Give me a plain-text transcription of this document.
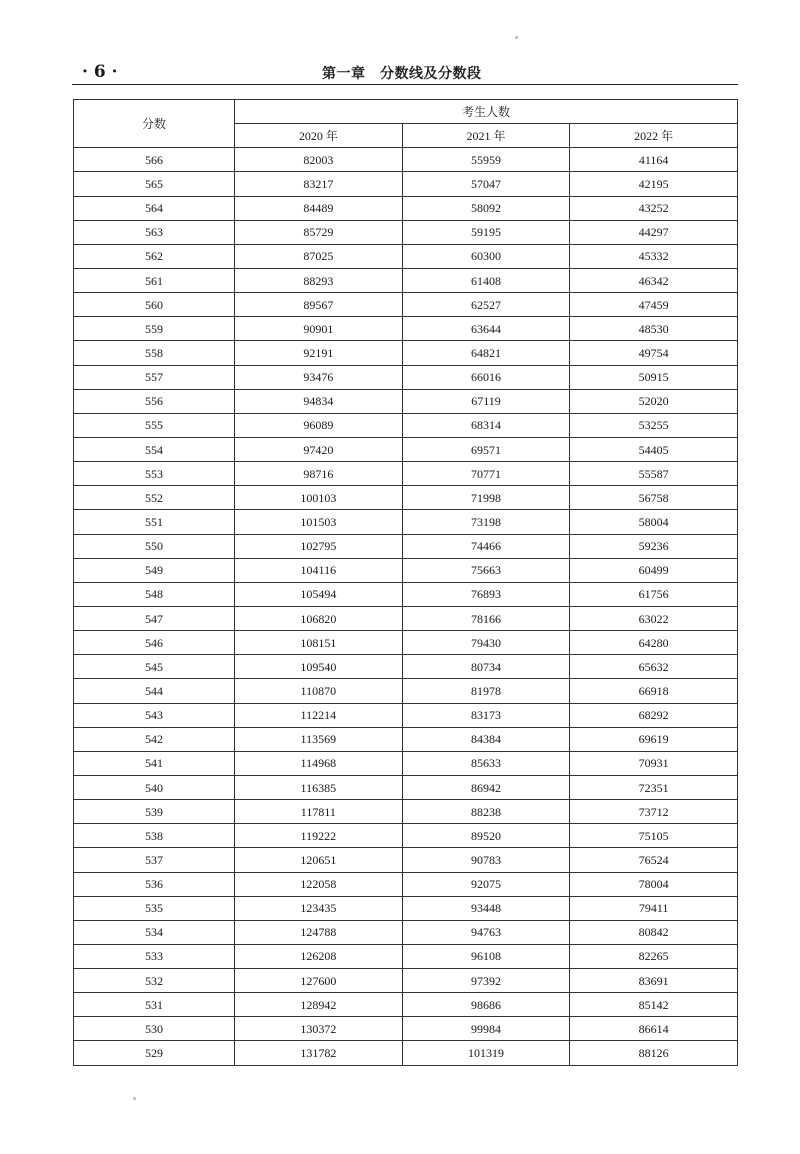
· 6 ·	第一章　分数线及分数段
分数	考生人数		
	2020 年	2021 年	2022 年
566	82003	55959	41164
565	83217	57047	42195
564	84489	58092	43252
563	85729	59195	44297
562	87025	60300	45332
561	88293	61408	46342
560	89567	62527	47459
559	90901	63644	48530
558	92191	64821	49754
557	93476	66016	50915
556	94834	67119	52020
555	96089	68314	53255
554	97420	69571	54405
553	98716	70771	55587
552	100103	71998	56758
551	101503	73198	58004
550	102795	74466	59236
549	104116	75663	60499
548	105494	76893	61756
547	106820	78166	63022
546	108151	79430	64280
545	109540	80734	65632
544	110870	81978	66918
543	112214	83173	68292
542	113569	84384	69619
541	114968	85633	70931
540	116385	86942	72351
539	117811	88238	73712
538	119222	89520	75105
537	120651	90783	76524
536	122058	92075	78004
535	123435	93448	79411
534	124788	94763	80842
533	126208	96108	82265
532	127600	97392	83691
531	128942	98686	85142
530	130372	99984	86614
529	131782	101319	88126
